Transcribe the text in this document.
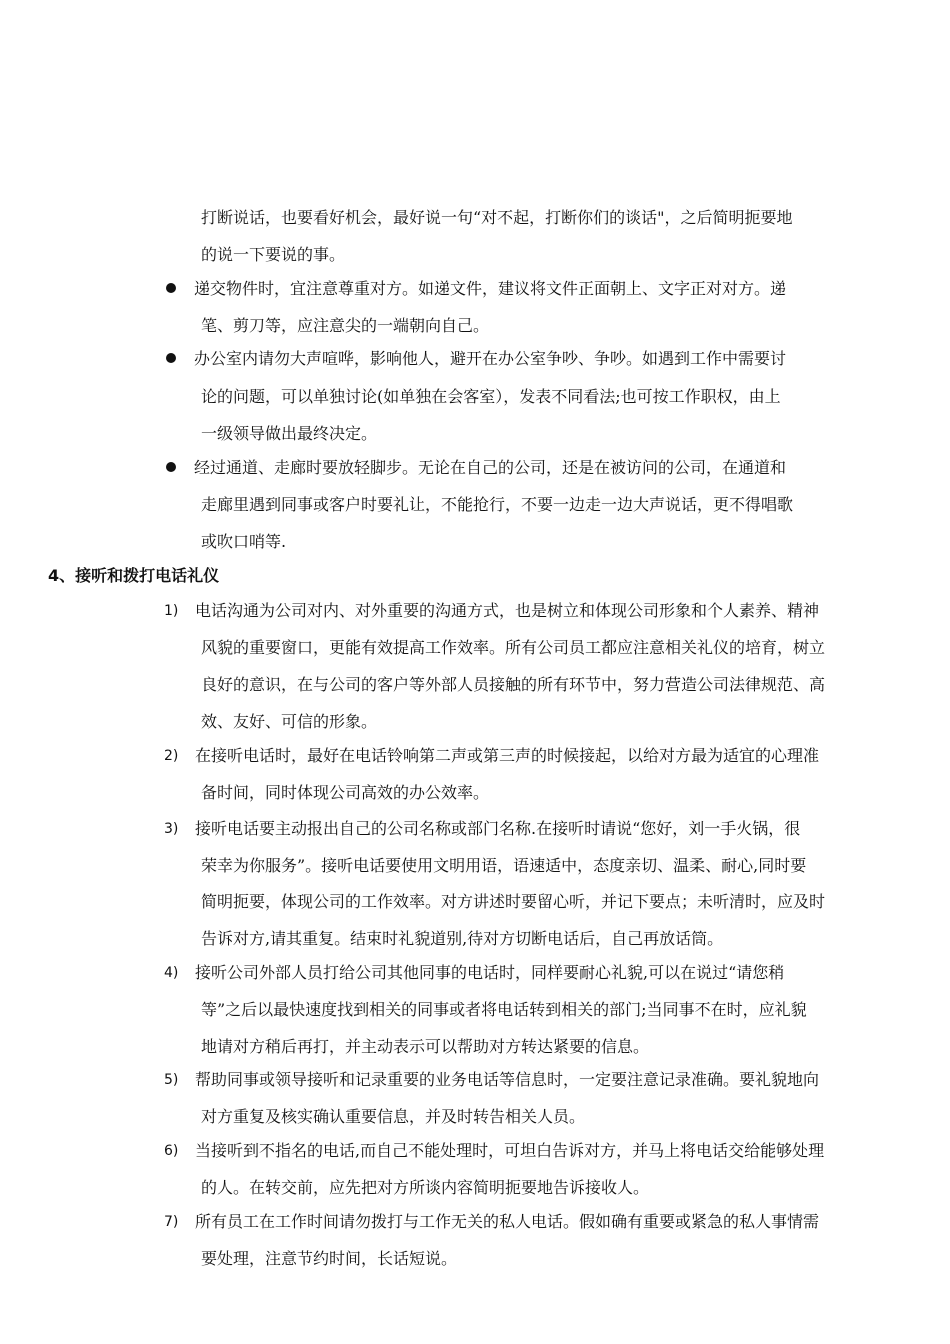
打断说话，也要看好机会，最好说一句“对不起，打断你们的谈话"，之后简明扼要地
的说一下要说的事。
递交物件时，宜注意尊重对方。如递文件，建议将文件正面朝上、文字正对对方。递
笔、剪刀等，应注意尖的一端朝向自己。
办公室内请勿大声喧哗，影响他人，避开在办公室争吵、争吵。如遇到工作中需要讨
论的问题，可以单独讨论(如单独在会客室），发表不同看法;也可按工作职权，由上
一级领导做出最终决定。
经过通道、走廊时要放轻脚步。无论在自己的公司，还是在被访问的公司，在通道和
走廊里遇到同事或客户时要礼让，不能抢行，不要一边走一边大声说话，更不得唱歌
或吹口哨等.
4、接听和拨打电话礼仪
1) 电话沟通为公司对内、对外重要的沟通方式，也是树立和体现公司形象和个人素养、精神
风貌的重要窗口，更能有效提高工作效率。所有公司员工都应注意相关礼仪的培育，树立
良好的意识，在与公司的客户等外部人员接触的所有环节中，努力营造公司法律规范、高
效、友好、可信的形象。
2) 在接听电话时，最好在电话铃响第二声或第三声的时候接起，以给对方最为适宜的心理准
备时间，同时体现公司高效的办公效率。
3) 接听电话要主动报出自己的公司名称或部门名称.在接听时请说“您好，刘一手火锅，很
荣幸为你服务”。接听电话要使用文明用语，语速适中，态度亲切、温柔、耐心,同时要
简明扼要，体现公司的工作效率。对方讲述时要留心听，并记下要点；未听清时，应及时
告诉对方,请其重复。结束时礼貌道别,待对方切断电话后，自己再放话筒。
4) 接听公司外部人员打给公司其他同事的电话时，同样要耐心礼貌,可以在说过“请您稍
等”之后以最快速度找到相关的同事或者将电话转到相关的部门;当同事不在时，应礼貌
地请对方稍后再打，并主动表示可以帮助对方转达紧要的信息。
5) 帮助同事或领导接听和记录重要的业务电话等信息时，一定要注意记录准确。要礼貌地向
对方重复及核实确认重要信息，并及时转告相关人员。
6) 当接听到不指名的电话,而自己不能处理时，可坦白告诉对方，并马上将电话交给能够处理
的人。在转交前，应先把对方所谈内容简明扼要地告诉接收人。
7) 所有员工在工作时间请勿拨打与工作无关的私人电话。假如确有重要或紧急的私人事情需
要处理，注意节约时间，长话短说。
